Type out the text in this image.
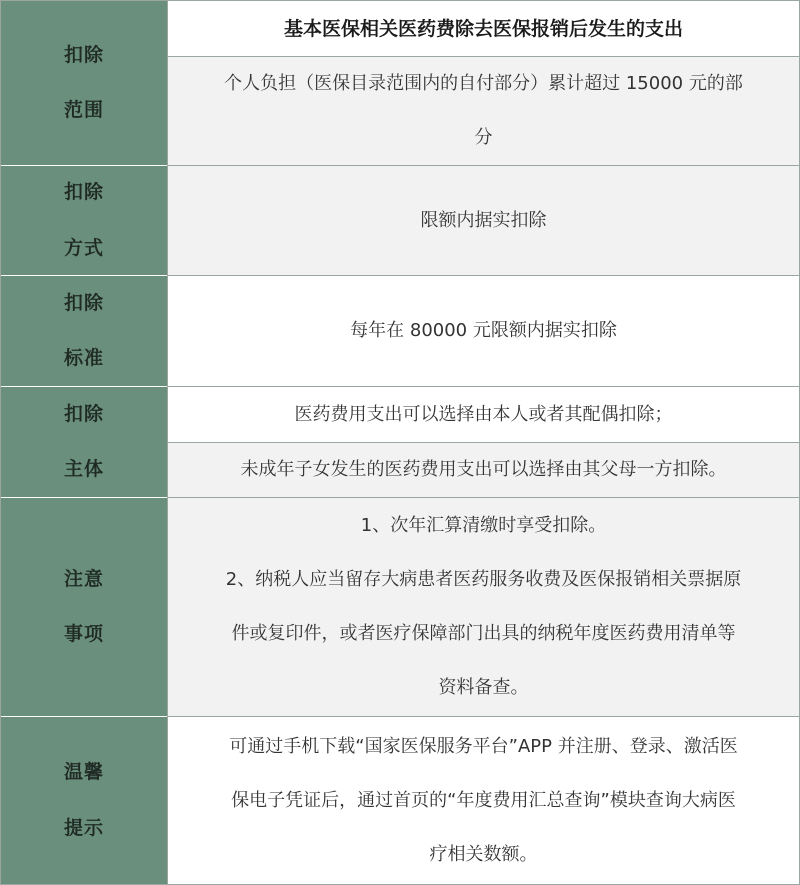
扣除
范围
基本医保相关医药费除去医保报销后发生的支出
个人负担（医保目录范围内的自付部分）累计超过 15000 元的部
分
扣除
方式
限额内据实扣除
扣除
标准
每年在 80000 元限额内据实扣除
扣除
主体
医药费用支出可以选择由本人或者其配偶扣除；
未成年子女发生的医药费用支出可以选择由其父母一方扣除。
注意
事项
1、次年汇算清缴时享受扣除。
2、纳税人应当留存大病患者医药服务收费及医保报销相关票据原
件或复印件，或者医疗保障部门出具的纳税年度医药费用清单等
资料备查。
温馨
提示
可通过手机下载“国家医保服务平台”APP 并注册、登录、激活医
保电子凭证后，通过首页的“年度费用汇总查询”模块查询大病医
疗相关数额。
